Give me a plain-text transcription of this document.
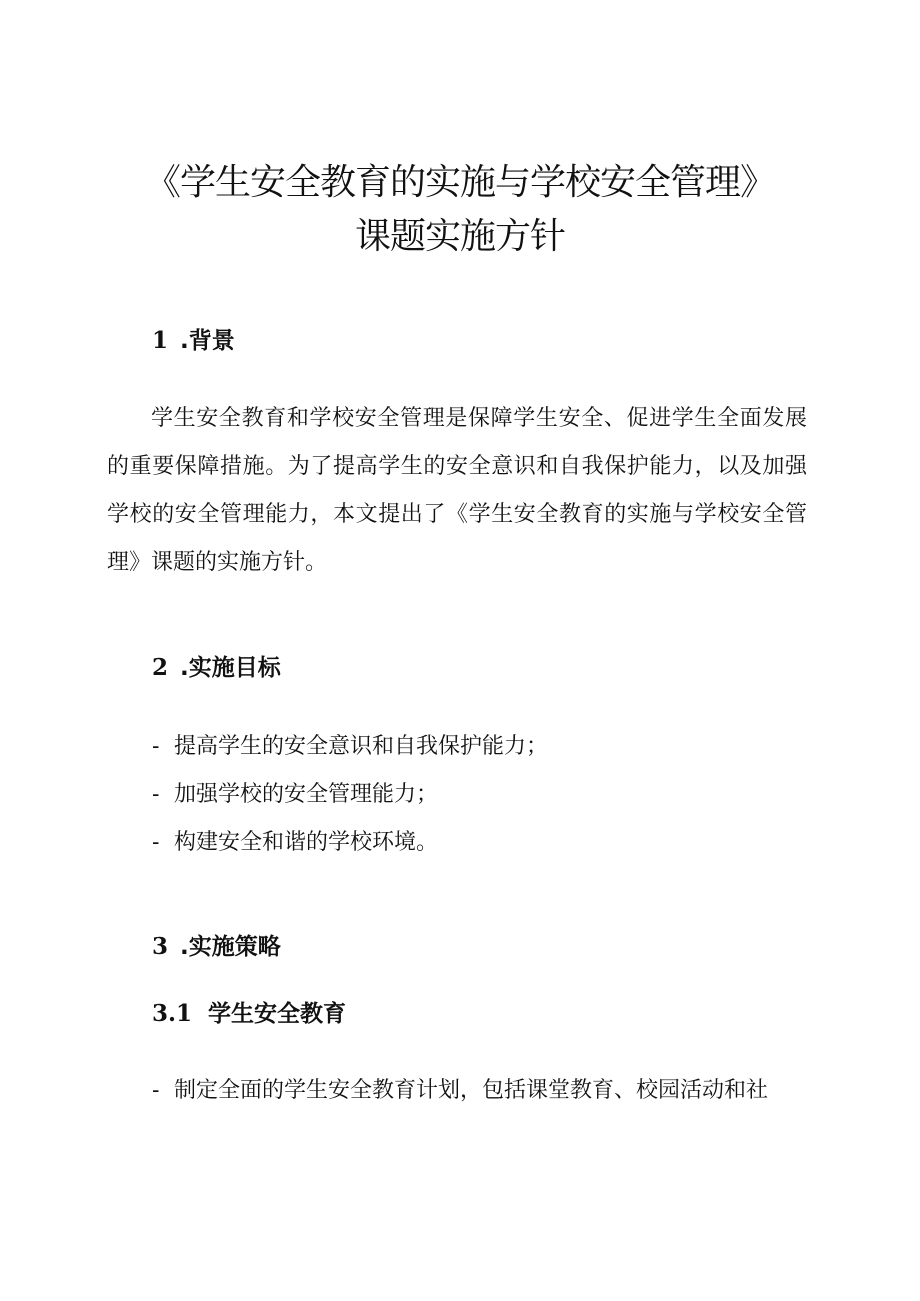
《学生安全教育的实施与学校安全管理》
课题实施方针
1 .背景

学生安全教育和学校安全管理是保障学生安全、促进学生全面发展的重要保障措施。为了提高学生的安全意识和自我保护能力，以及加强学校的安全管理能力，本文提出了《学生安全教育的实施与学校安全管理》课题的实施方针。

2 .实施目标
- 提高学生的安全意识和自我保护能力；
- 加强学校的安全管理能力；
- 构建安全和谐的学校环境。
3 .实施策略
3.1 学生安全教育
- 制定全面的学生安全教育计划，包括课堂教育、校园活动和社
